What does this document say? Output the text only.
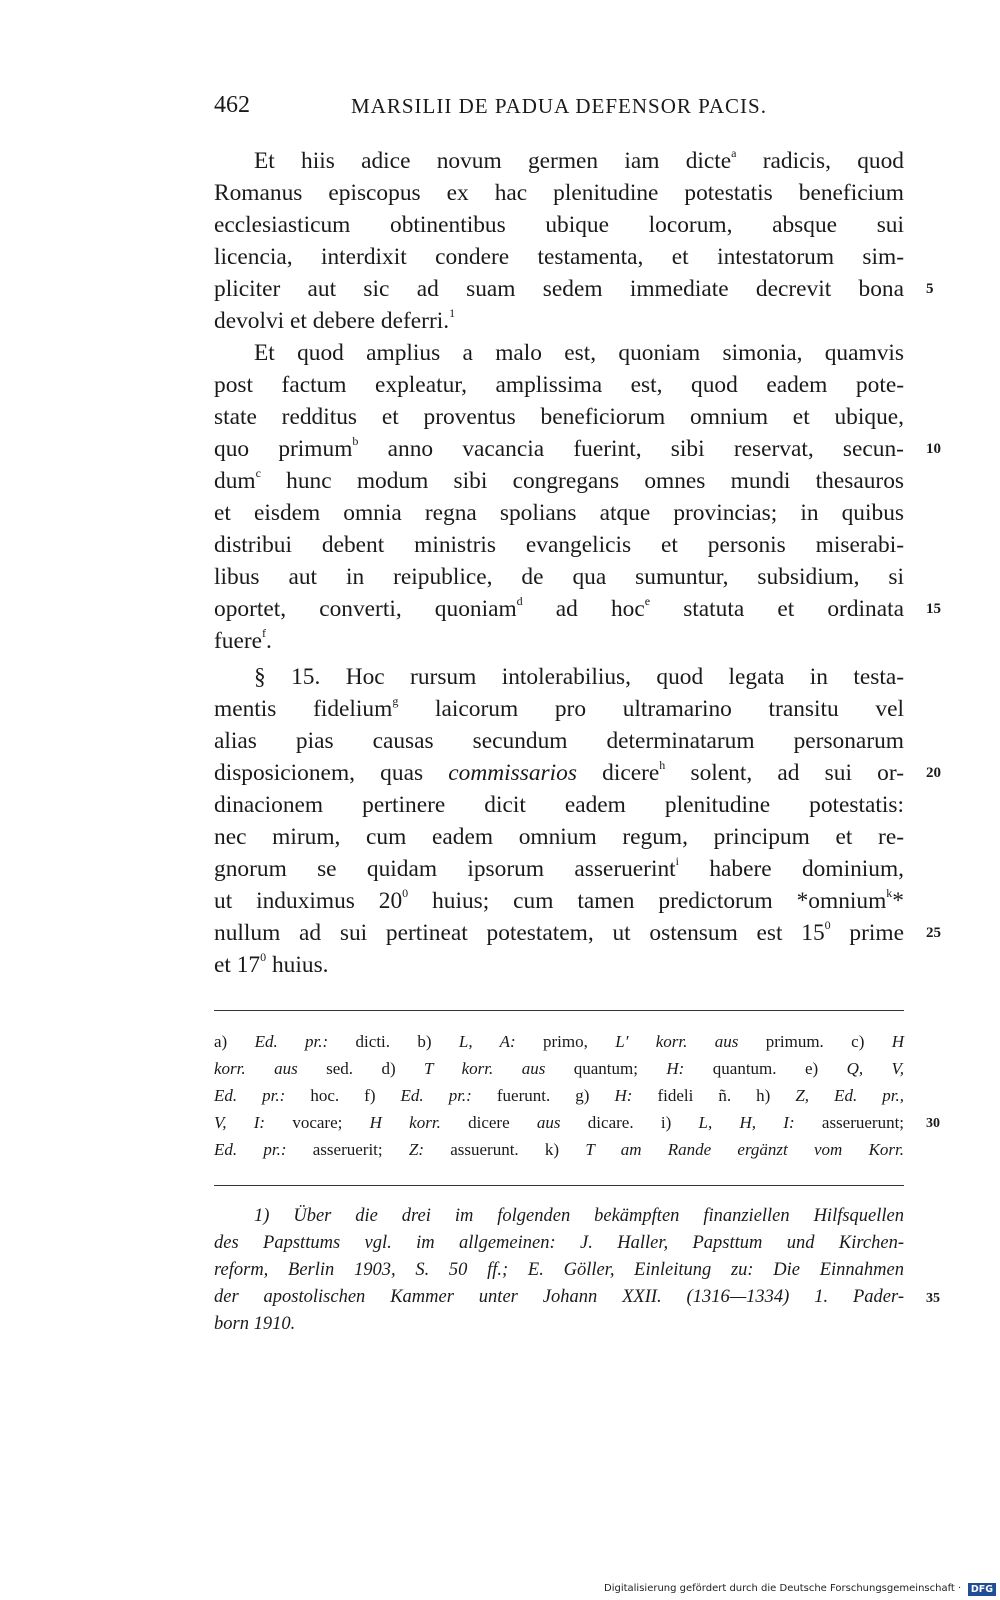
462	MARSILII DE PADUA DEFENSOR PACIS.
Et hiis adice novum germen iam dicte$^a$ radicis, quod
Romanus episcopus ex hac plenitudine potestatis beneficium
ecclesiasticum obtinentibus ubique locorum, absque sui
licencia, interdixit condere testamenta, et intestatorum sim-
pliciter aut sic ad suam sedem immediate decrevit bona 5
devolvi et debere deferri.$^1$
Et quod amplius a malo est, quoniam simonia, quamvis
post factum expleatur, amplissima est, quod eadem pote-
state redditus et proventus beneficiorum omnium et ubique,
quo primum$^b$ anno vacancia fuerint, sibi reservat, secun- 10
dum$^c$ hunc modum sibi congregans omnes mundi thesauros
et eisdem omnia regna spolians atque provincias; in quibus
distribui debent ministris evangelicis et personis miserabi-
libus aut in reipublice, de qua sumuntur, subsidium, si
oportet, converti, quoniam$^d$ ad hoc$^e$ statuta et ordinata 15
fuere$^f$.
§ 15. Hoc rursum intolerabilius, quod legata in testa-
mentis fidelium$^g$ laicorum pro ultramarino transitu vel
alias pias causas secundum determinatarum personarum
disposicionem, quas commissarios dicere$^h$ solent, ad sui or- 20
dinacionem pertinere dicit eadem plenitudine potestatis:
nec mirum, cum eadem omnium regum, principum et re-
gnorum se quidam ipsorum asseruerint$^i$ habere dominium,
ut induximus $20^0$ huius; cum tamen predictorum *omnium$^k$*
nullum ad sui pertineat potestatem, ut ostensum est $15^0$ prime 25
et $17^0$ huius.
a) Ed. pr.: dicti. b) L, A: primo, L′ korr. aus primum. c) H
korr. aus sed. d) T korr. aus quantum; H: quantum. e) Q, V,
Ed. pr.: hoc. f) Ed. pr.: fuerunt. g) H: fideli ñ. h) Z, Ed. pr.,
V, I: vocare; H korr. dicere aus dicare. i) L, H, I: asseruerunt; 30
Ed. pr.: asseruerit; Z: assuerunt. k) T am Rande ergänzt vom Korr.
1) Über die drei im folgenden bekämpften finanziellen Hilfsquellen
des Papsttums vgl. im allgemeinen: J. Haller, Papsttum und Kirchen-
reform, Berlin 1903, S. 50 ff.; E. Göller, Einleitung zu: Die Einnahmen
der apostolischen Kammer unter Johann XXII. (1316—1334) 1. Pader- 35
born 1910.
Digitalisierung gefördert durch die Deutsche Forschungsgemeinschaft ·	DFG
